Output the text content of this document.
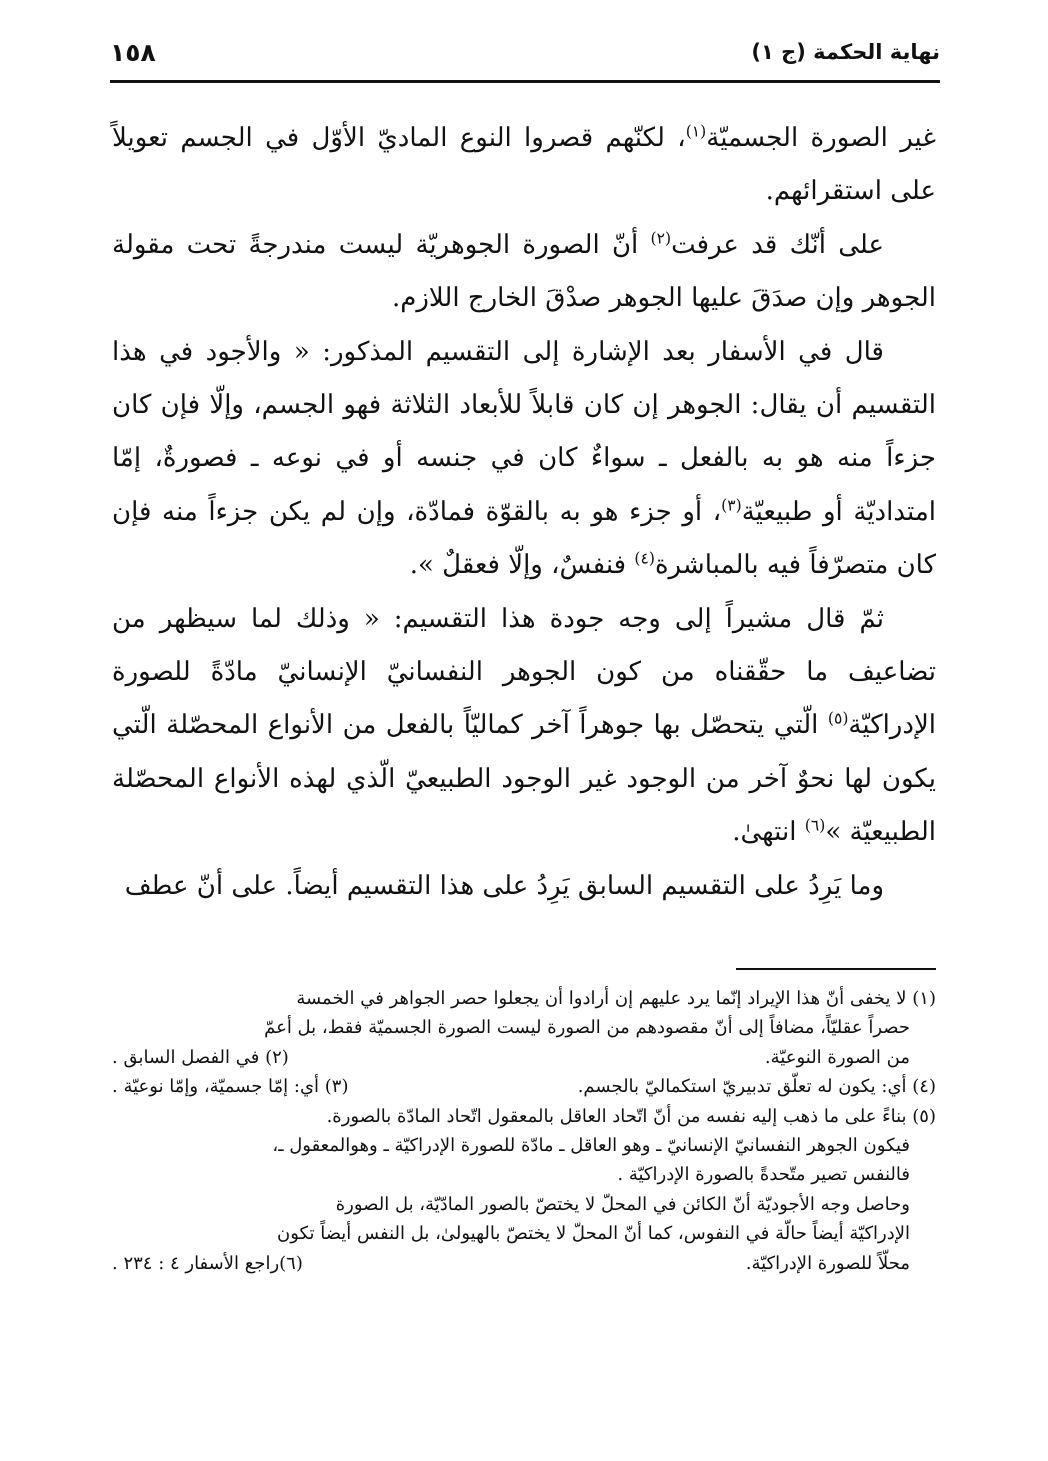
١٥٨	نهاية الحكمة (ج ١)

غير الصورة الجسميّة$^{(١)}$، لكنّهم قصروا النوع الماديّ الأوّل في الجسم تعويلاً على استقرائهم.

على أنّك قد عرفت$^{(٢)}$ أنّ الصورة الجوهريّة ليست مندرجةً تحت مقولة الجوهر وإن صدَقَ عليها الجوهر صدْقَ الخارج اللازم.

قال في الأسفار بعد الإشارة إلى التقسيم المذكور: « والأجود في هذا التقسيم أن يقال: الجوهر إن كان قابلاً للأبعاد الثلاثة فهو الجسم، وإلّا فإن كان جزءاً منه هو به بالفعل ـ سواءٌ كان في جنسه أو في نوعه ـ فصورةٌ، إمّا امتداديّة أو طبيعيّة$^{(٣)}$، أو جزء هو به بالقوّة فمادّة، وإن لم يكن جزءاً منه فإن كان متصرّفاً فيه بالمباشرة$^{(٤)}$ فنفسٌ، وإلّا فعقلٌ ».

ثمّ قال مشيراً إلى وجه جودة هذا التقسيم: « وذلك لما سيظهر من تضاعيف ما حقّقناه من كون الجوهر النفسانيّ الإنسانيّ مادّةً للصورة الإدراكيّة$^{(٥)}$ الّتي يتحصّل بها جوهراً آخر كماليّاً بالفعل من الأنواع المحصّلة الّتي يكون لها نحوٌ آخر من الوجود غير الوجود الطبيعيّ الّذي لهذه الأنواع المحصّلة الطبيعيّة »$^{(٦)}$ انتهىٰ.

وما يَرِدُ على التقسيم السابق يَرِدُ على هذا التقسيم أيضاً. على أنّ عطف

(١) لا يخفى أنّ هذا الإيراد إنّما يرد عليهم إن أرادوا أن يجعلوا حصر الجواهر في الخمسة

حصراً عقليّاً، مضافاً إلى أنّ مقصودهم من الصورة ليست الصورة الجسميّة فقط، بل أعمّ

من الصورة النوعيّة.
(٢) في الفصل السابق .
(٤) أي: يكون له تعلّق تدبيريّ استكماليّ بالجسم.
(٣) أي: إمّا جسميّة، وإمّا نوعيّة .

(٥) بناءً على ما ذهب إليه نفسه من أنّ اتّحاد العاقل بالمعقول اتّحاد المادّة بالصورة.

فيكون الجوهر النفسانيّ الإنسانيّ ـ وهو العاقل ـ مادّة للصورة الإدراكيّة ـ وهوالمعقول ـ،

فالنفس تصير متّحدةً بالصورة الإدراكيّة .

وحاصل وجه الأجوديّة أنّ الكائن في المحلّ لا يختصّ بالصور المادّيّة، بل الصورة

الإدراكيّة أيضاً حالّة في النفوس، كما أنّ المحلّ لا يختصّ بالهيولىٰ، بل النفس أيضاً تكون

محلّاً للصورة الإدراكيّة.
(٦)راجع الأسفار ٤ : ٢٣٤ .
